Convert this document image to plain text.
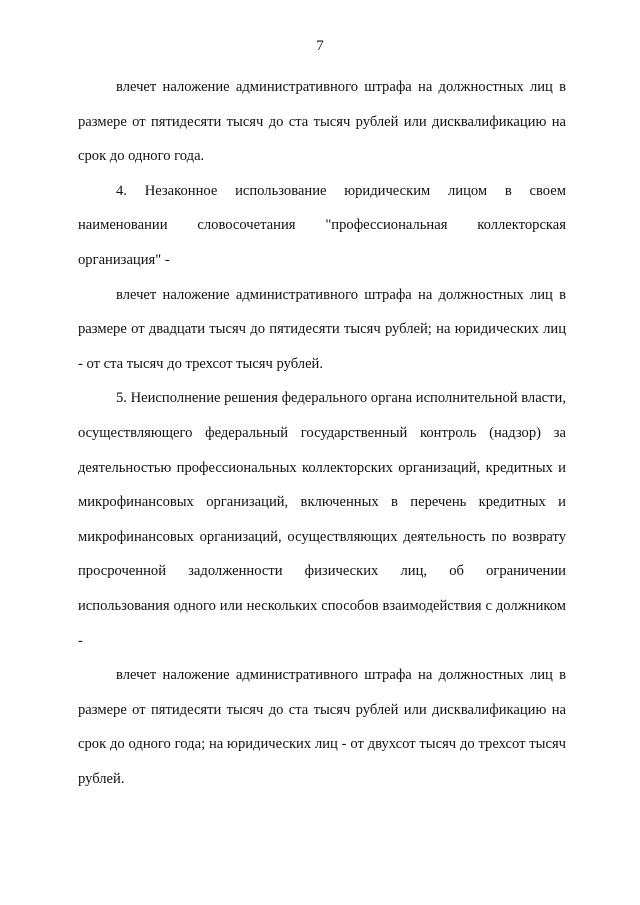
7

влечет наложение административного штрафа на должностных лиц в размере от пятидесяти тысяч до ста тысяч рублей или дисквалификацию на срок до одного года.

4. Незаконное использование юридическим лицом в своем наименовании словосочетания "профессиональная коллекторская организация" -

влечет наложение административного штрафа на должностных лиц в размере от двадцати тысяч до пятидесяти тысяч рублей; на юридических лиц - от ста тысяч до трехсот тысяч рублей.

5. Неисполнение решения федерального органа исполнительной власти, осуществляющего федеральный государственный контроль (надзор) за деятельностью профессиональных коллекторских организаций, кредитных и микрофинансовых организаций, включенных в перечень кредитных и микрофинансовых организаций, осуществляющих деятельность по возврату просроченной задолженности физических лиц, об ограничении использования одного или нескольких способов взаимодействия с должником -

влечет наложение административного штрафа на должностных лиц в размере от пятидесяти тысяч до ста тысяч рублей или дисквалификацию на срок до одного года; на юридических лиц - от двухсот тысяч до трехсот тысяч рублей.
